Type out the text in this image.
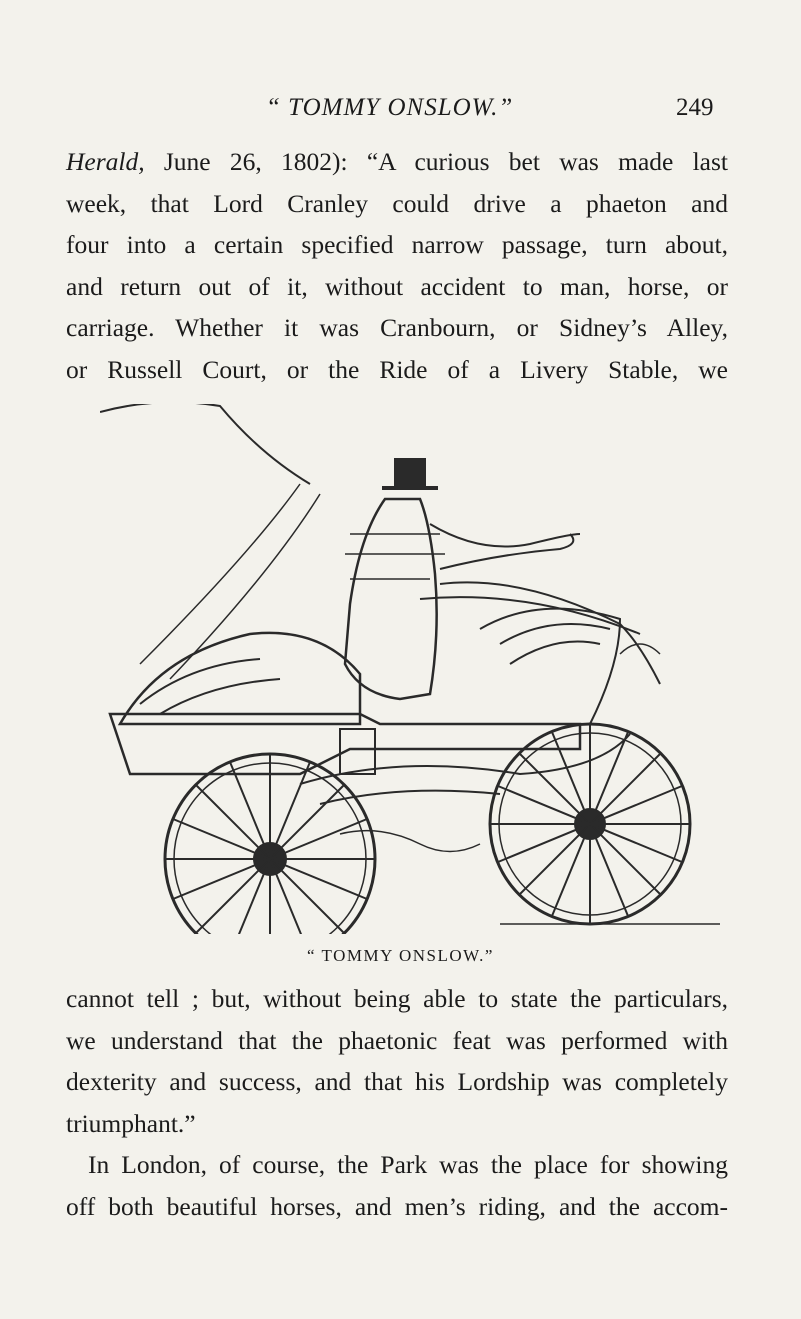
“ TOMMY ONSLOW.”	249
Herald, June 26, 1802): “A curious bet was made last
week, that Lord Cranley could drive a phaeton and
four into a certain specified narrow passage, turn about,
and return out of it, without accident to man, horse, or
carriage. Whether it was Cranbourn, or Sidney’s Alley,
or Russell Court, or the Ride of a Livery Stable, we
“ TOMMY ONSLOW.”
cannot tell ; but, without being able to state the particulars,
we understand that the phaetonic feat was performed with
dexterity and success, and that his Lordship was completely
triumphant.”
In London, of course, the Park was the place for showing
off both beautiful horses, and men’s riding, and the accom-
